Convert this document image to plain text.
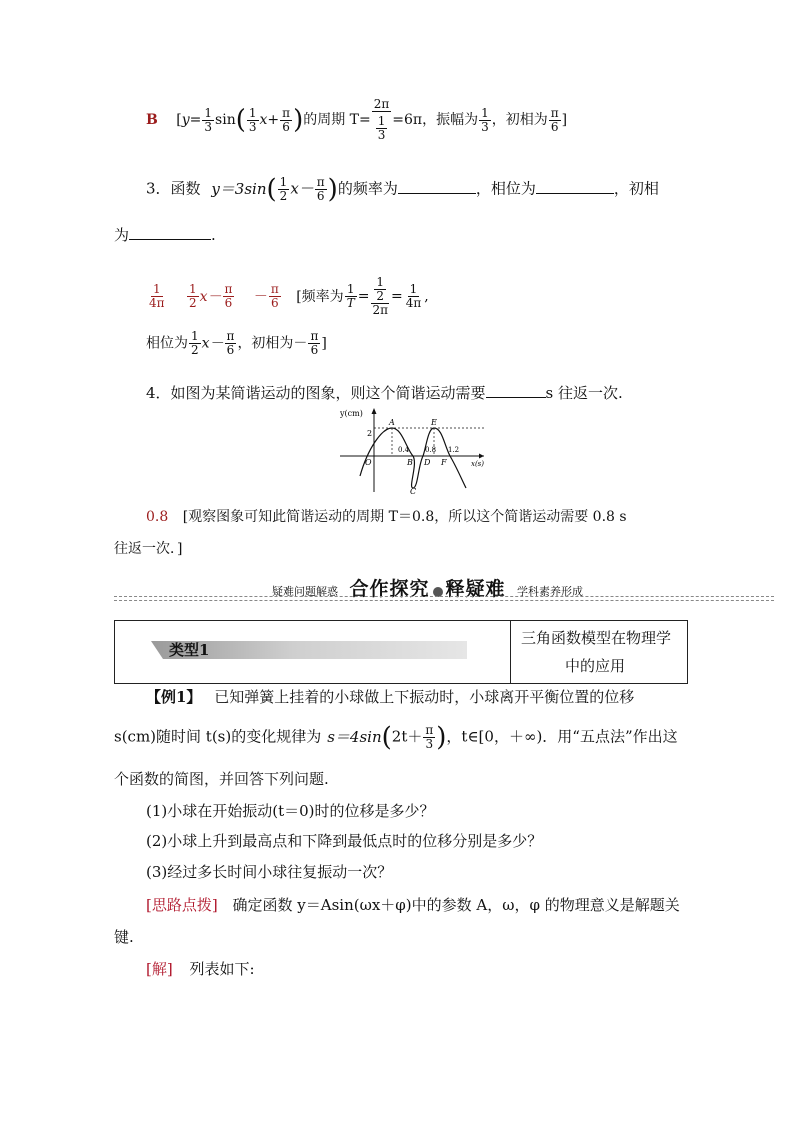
B [$y= \frac{1}{3} \sin( \frac{1}{3} x+ \frac{\pi}{6}$ )的周期 $T= \frac{2\pi}{\frac{1}{3}} =6\pi$，振幅为 $\frac{1}{3}$ ，初相为 $\frac{\pi}{6}$ ]
3．函数 $y=3\sin( \frac{1}{2} x- \frac{\pi}{6}$ )的频率为	，相位为	，初相
为	.
$\frac{1}{4\pi}$
$\frac{1}{2} x- \frac{\pi}{6} - \frac{\pi}{6}$ [频率为 $\frac{1}{T} = \frac{\frac{1}{2}}{2\pi} = \frac{1}{4\pi}$ ,
相位为 $\frac{1}{2} x- \frac{\pi}{6}$ ，初相为－ $\frac{\pi}{6}$ ]
4．如图为某简谐运动的图象，则这个简谐运动需要	s 往返一次.
y(cm)
x(s)
2
O
A
B
C
D
E
F
0.4 0.8 1.2
0.8 [观察图象可知此简谐运动的周期 T＝0.8，所以这个简谐运动需要 0.8 s
往返一次．]
疑难问题解惑 合作探究 释疑难 学科素养形成
类型1
三角函数模型在物理学
中的应用
【例1】 已知弹簧上挂着的小球做上下振动时，小球离开平衡位置的位移
s(cm)随时间 t(s)的变化规律为 $s=4\sin(2t+ \frac{\pi}{3}$ )，t∈[0，＋∞)．用“五点法”作出这
个函数的简图，并回答下列问题.
(1)小球在开始振动(t＝0)时的位移是多少？
(2)小球上升到最高点和下降到最低点时的位移分别是多少？
(3)经过多长时间小球往复振动一次？
[思路点拨] 确定函数 y＝Asin(ωx＋φ)中的参数 A，ω，φ 的物理意义是解题关
键.
[解] 列表如下:
